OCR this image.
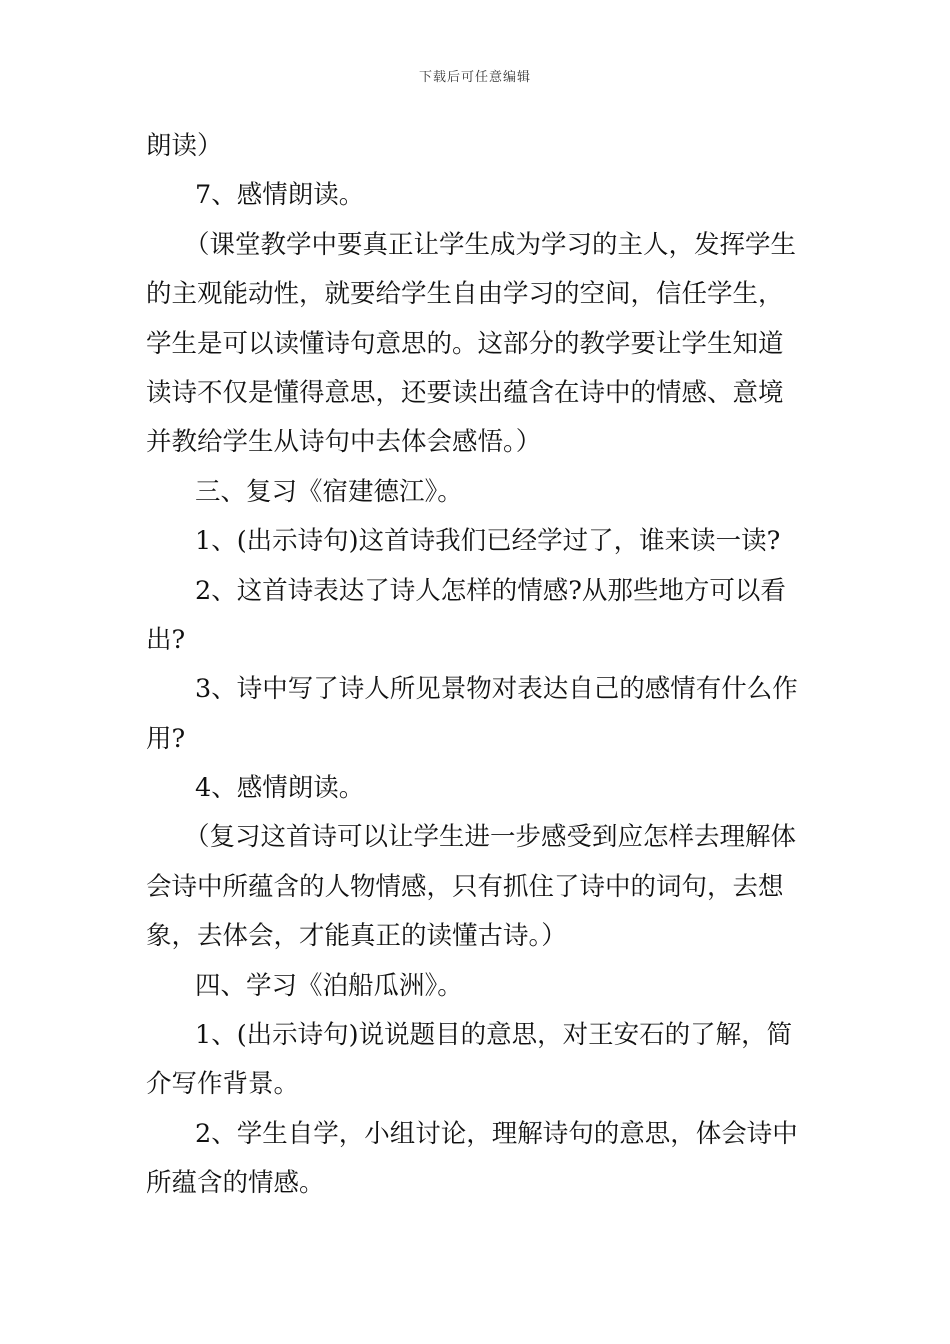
下载后可任意编辑
朗读）
7、感情朗读。
（课堂教学中要真正让学生成为学习的主人，发挥学生
的主观能动性，就要给学生自由学习的空间，信任学生，
学生是可以读懂诗句意思的。这部分的教学要让学生知道
读诗不仅是懂得意思，还要读出蕴含在诗中的情感、意境
并教给学生从诗句中去体会感悟。）
三、复习《宿建德江》。
1、(出示诗句)这首诗我们已经学过了，谁来读一读?
2、这首诗表达了诗人怎样的情感?从那些地方可以看
出?
3、诗中写了诗人所见景物对表达自己的感情有什么作
用?
4、感情朗读。
（复习这首诗可以让学生进一步感受到应怎样去理解体
会诗中所蕴含的人物情感，只有抓住了诗中的词句，去想
象，去体会，才能真正的读懂古诗。）
四、学习《泊船瓜洲》。
1、(出示诗句)说说题目的意思，对王安石的了解，简
介写作背景。
2、学生自学，小组讨论，理解诗句的意思，体会诗中
所蕴含的情感。
